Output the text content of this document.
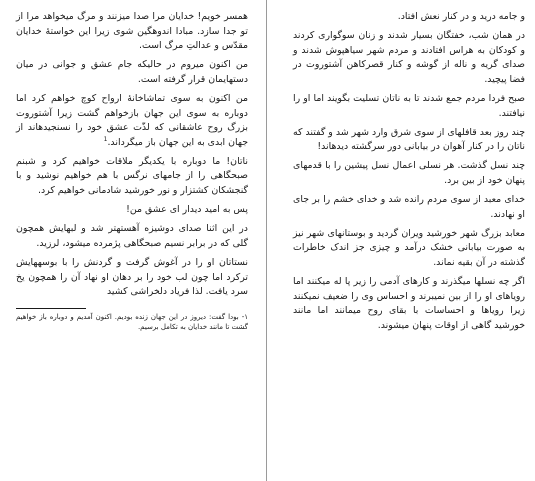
همسر خویم! خدایان مرا صدا میزنند و مرگ میخواهد مرا از تو جدا سازد. مبادا اندوهگین شوی زیرا این خواستهٔ خدایان مقدّس و عدالتِ مرگ است.

من اکنون میروم در حالیکه جام عشق و جوانی در میان دستهایمان قرار گرفته است.

من اکنون به سوی تماشاخانهٔ ارواح کوچ خواهم کرد اما دوباره به سوی این جهان بازخواهم گشت زیرا آشتوروت بزرگ روح عاشقانی که لذّت عشق خود را نسنجیدهاند از جهان ابدی به این جهان باز میگرداند.$^1$

ناتان! ما دوباره با یکدیگر ملاقات خواهیم کرد و شبنم صبحگاهی را از جامهای نرگس با هم خواهیم نوشید و با گنجشکان کشتزار و نور خورشید شادمانی خواهیم کرد.

پس به امید دیدار ای عشق من!

در این اثنا صدای دوشیزه آهستهتر شد و لبهایش همچون گلی که در برابر نسیم صبحگاهی پژمرده میشود، لرزید.

نستاتان او را در آغوش گرفت و گردنش را با بوسههایش ترکرد اما چون لب خود را بر دهان او نهاد آن را همچون یخ سرد یافت. لذا فریاد دلخراشی کشید

۱- بودا گفت: دیروز در این جهان زنده بودیم. اکنون آمدیم و دوباره باز خواهیم گشت تا مانند خدایان به تکامل برسیم.

و جامه درید و در کنار نعش افتاد.

در همان شب، خفتگان بسیار شدند و زنان سوگواری کردند و کودکان به هراس افتادند و مردم شهر سیاهپوش شدند و صدای گریه و ناله از گوشه و کنار قصرکاهن آشتوروت در فضا پیچید.

صبح فردا مردم جمع شدند تا به ناتان تسلیت بگویند اما او را نیافتند.

چند روز بعد قافلهای از سوی شرق وارد شهر شد و گفتند که ناتان را در کنار آهوان در بیابانی دور سرگشته دیدهاند!

چند نسل گذشت. هر نسلی اعمال نسل پیشین را با قدمهای پنهان خود از بین برد.

خدای معبد از سوی مردم رانده شد و خدای خشم را بر جای او نهادند.

معابد بزرگ شهر خورشید ویران گردید و بوستانهای شهر نیز به صورت بیابانی خشک درآمد و چیزی جز اندک خاطرات گذشته در آن بقیه نماند.

اگر چه نسلها میگذرند و کارهای آدمی را زیر پا له میکنند اما رویاهای او را از بین نمیبرند و احساس وی را ضعیف نمیکنند زیرا رویاها و احساسات با بقای روح میمانند اما مانند خورشید گاهی از اوقات پنهان میشوند.
